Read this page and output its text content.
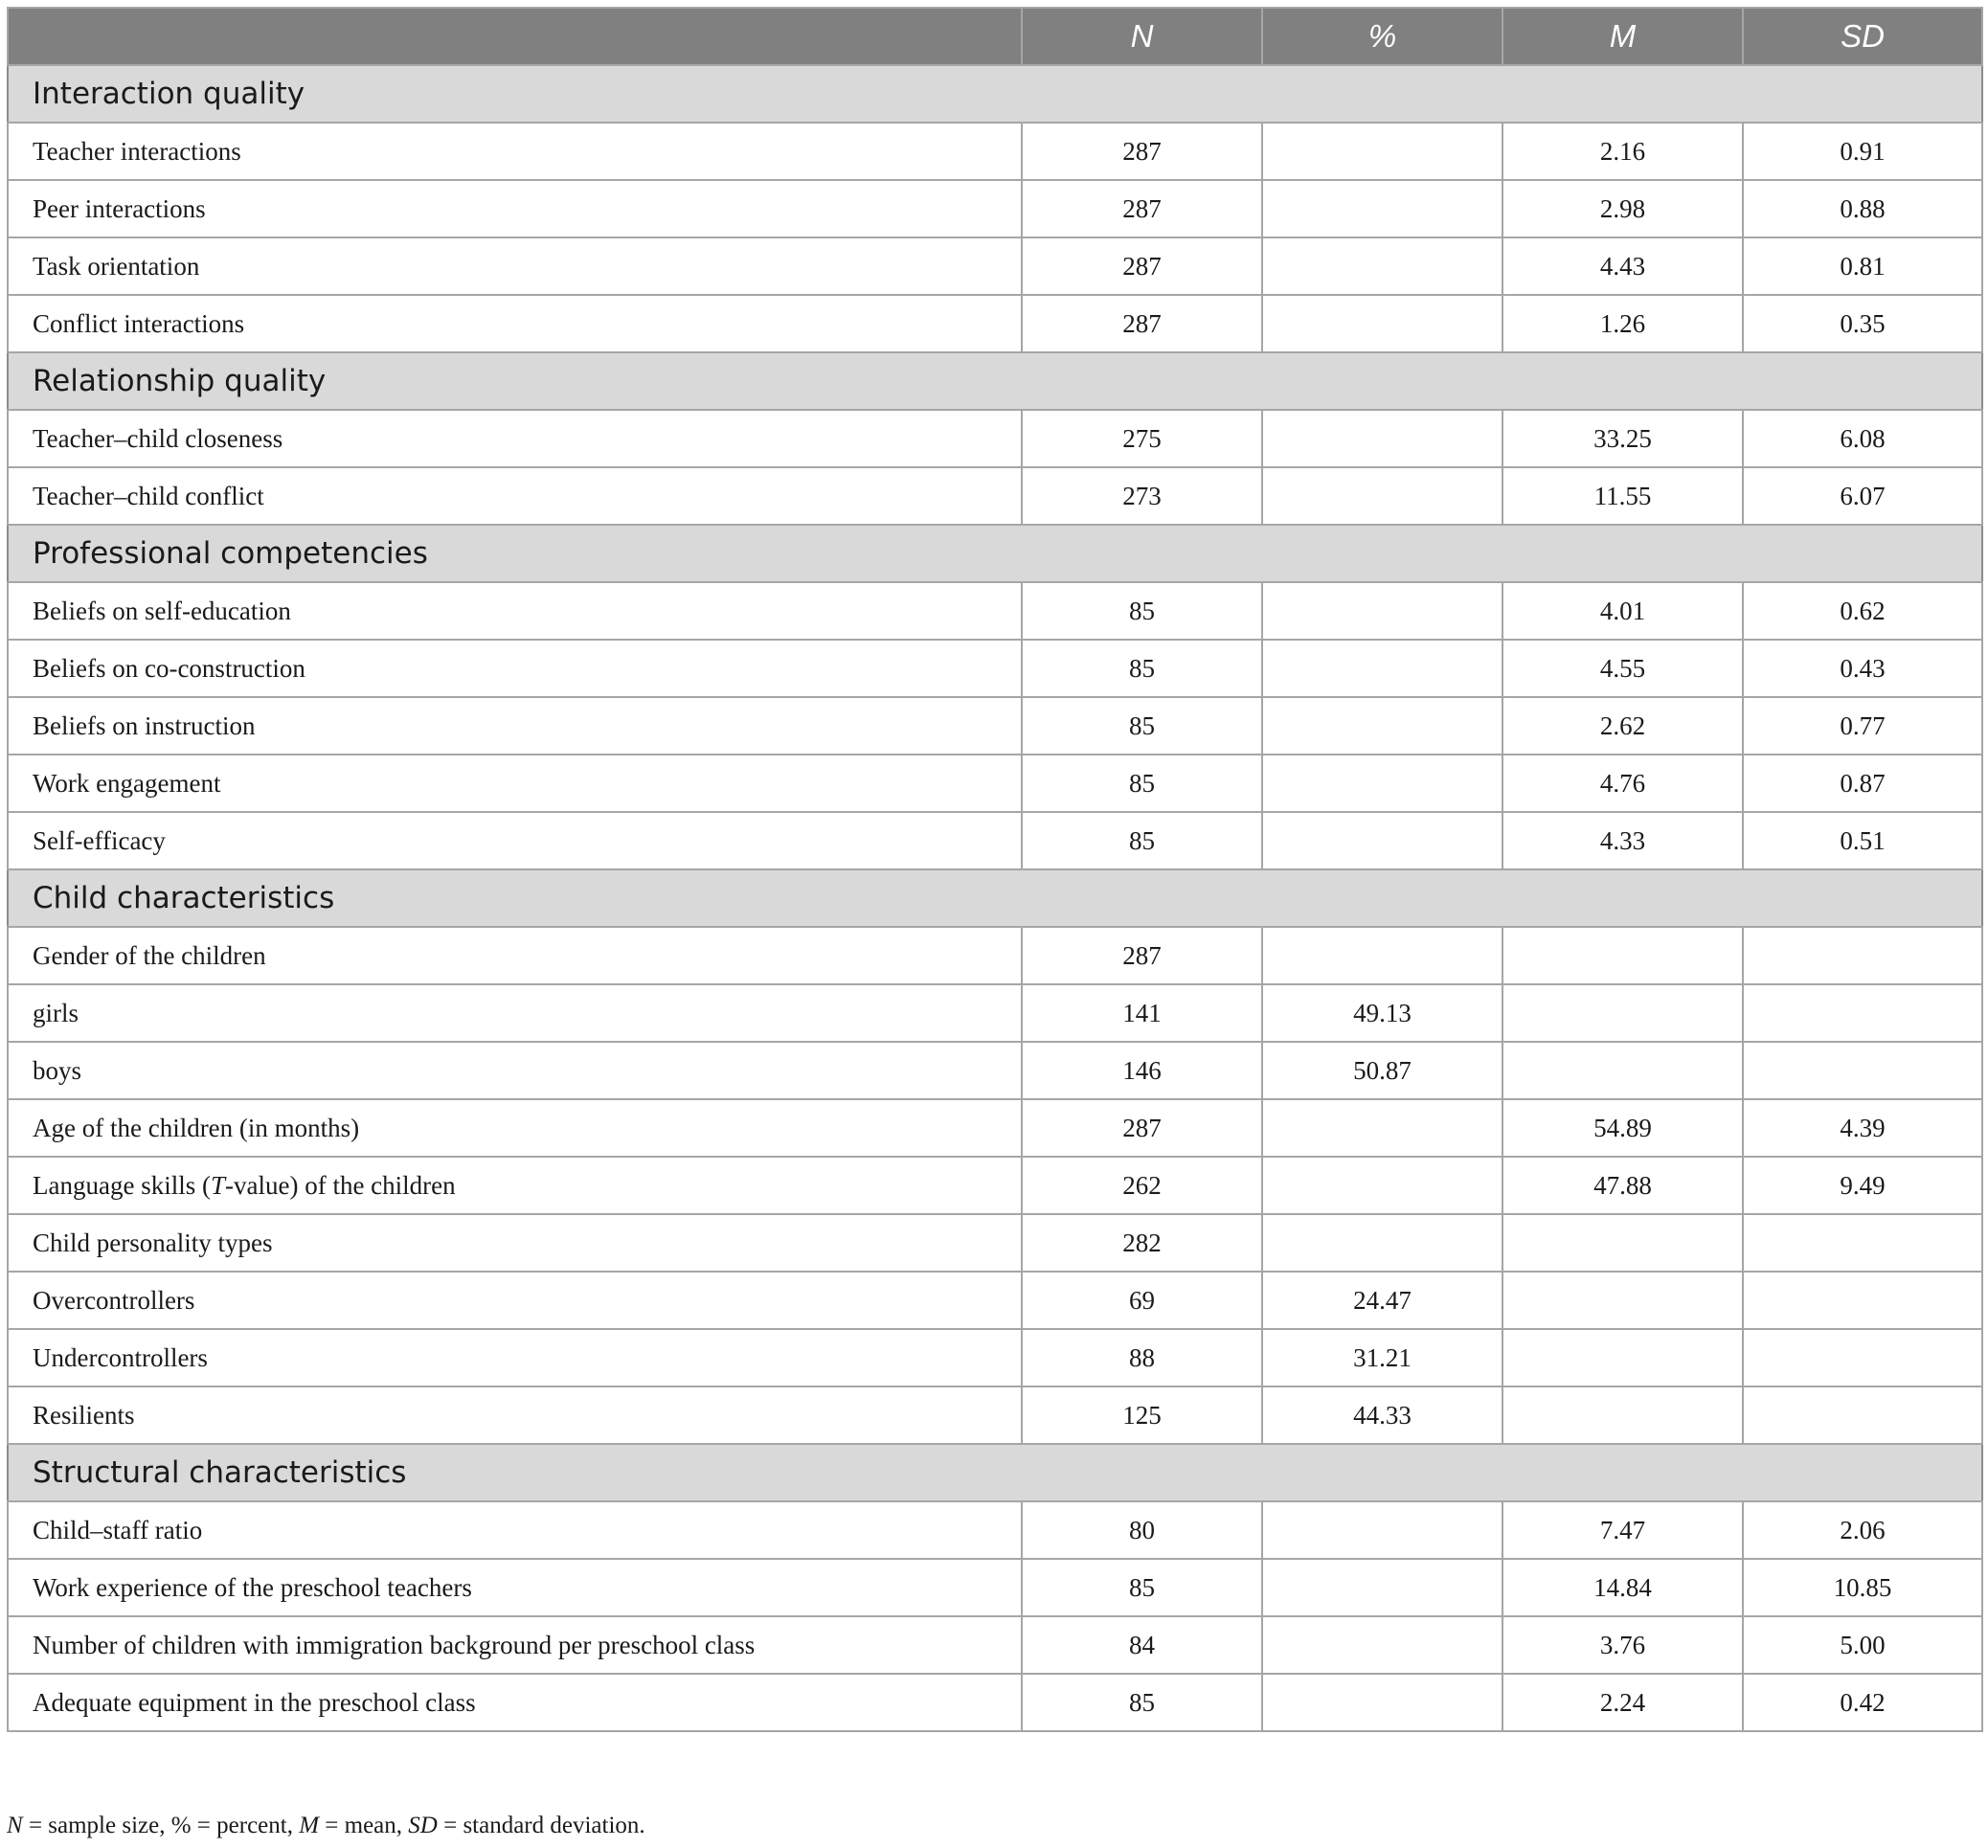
	N	%	M	SD
Interaction quality				
Teacher interactions	287		2.16	0.91
Peer interactions	287		2.98	0.88
Task orientation	287		4.43	0.81
Conflict interactions	287		1.26	0.35
Relationship quality				
Teacher–child closeness	275		33.25	6.08
Teacher–child conflict	273		11.55	6.07
Professional competencies				
Beliefs on self-education	85		4.01	0.62
Beliefs on co-construction	85		4.55	0.43
Beliefs on instruction	85		2.62	0.77
Work engagement	85		4.76	0.87
Self-efficacy	85		4.33	0.51
Child characteristics				
Gender of the children	287			
girls	141	49.13		
boys	146	50.87		
Age of the children (in months)	287		54.89	4.39
Language skills (T-value) of the children	262		47.88	9.49
Child personality types	282			
Overcontrollers	69	24.47		
Undercontrollers	88	31.21		
Resilients	125	44.33		
Structural characteristics				
Child–staff ratio	80		7.47	2.06
Work experience of the preschool teachers	85		14.84	10.85
Number of children with immigration background per preschool class	84		3.76	5.00
Adequate equipment in the preschool class	85		2.24	0.42
N = sample size, % = percent, M = mean, SD = standard deviation.
